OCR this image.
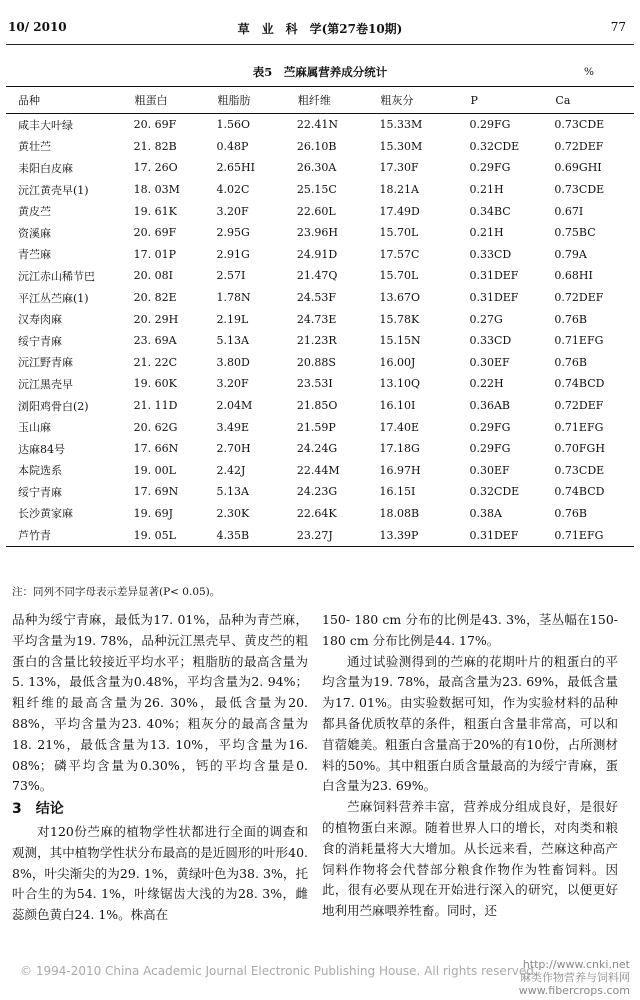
10/ 2010	草　业　科　学(第27卷10期)	77
表5　苎麻属营养成分统计	%
品种	粗蛋白	粗脂肪	粗纤维	粗灰分	P	Ca
咸丰大叶绿	20. 69F	1.56O	22.41N	15.33M	0.29FG	0.73CDE
黄壮苎	21. 82B	0.48P	26.10B	15.30M	0.32CDE	0.72DEF
耒阳白皮麻	17. 26O	2.65HI	26.30A	17.30F	0.29FG	0.69GHI
沅江黄壳早(1)	18. 03M	4.02C	25.15C	18.21A	0.21H	0.73CDE
黄皮苎	19. 61K	3.20F	22.60L	17.49D	0.34BC	0.67I
资溪麻	20. 69F	2.95G	23.96H	15.70L	0.21H	0.75BC
青苎麻	17. 01P	2.91G	24.91D	17.57C	0.33CD	0.79A
沅江赤山稀节巴	20. 08I	2.57I	21.47Q	15.70L	0.31DEF	0.68HI
平江丛苎麻(1)	20. 82E	1.78N	24.53F	13.67O	0.31DEF	0.72DEF
汉寿肉麻	20. 29H	2.19L	24.73E	15.78K	0.27G	0.76B
绥宁青麻	23. 69A	5.13A	21.23R	15.15N	0.33CD	0.71EFG
沅江野青麻	21. 22C	3.80D	20.88S	16.00J	0.30EF	0.76B
沅江黑壳早	19. 60K	3.20F	23.53I	13.10Q	0.22H	0.74BCD
浏阳鸡骨白(2)	21. 11D	2.04M	21.85O	16.10I	0.36AB	0.72DEF
玉山麻	20. 62G	3.49E	21.59P	17.40E	0.29FG	0.71EFG
达麻84号	17. 66N	2.70H	24.24G	17.18G	0.29FG	0.70FGH
本院选系	19. 00L	2.42J	22.44M	16.97H	0.30EF	0.73CDE
绥宁青麻	17. 69N	5.13A	24.23G	16.15I	0.32CDE	0.74BCD
长沙黄家麻	19. 69J	2.30K	22.64K	18.08B	0.38A	0.76B
芦竹青	19. 05L	4.35B	23.27J	13.39P	0.31DEF	0.71EFG
注：同列不同字母表示差异显著(P< 0.05)。

品种为绥宁青麻，最低为17. 01%，品种为青苎麻，平均含量为19. 78%，品种沅江黑壳早、黄皮苎的粗蛋白的含量比较接近平均水平；粗脂肪的最高含量为5. 13%，最低含量为0.48%，平均含量为2. 94%；粗纤维的最高含量为26. 30%，最低含量为20. 88%，平均含量为23. 40%；粗灰分的最高含量为18. 21%，最低含量为13. 10%，平均含量为16. 08%；磷平均含量为0.30%，钙的平均含量是0. 73%。

3　结论

对120份苎麻的植物学性状都进行全面的调查和观测，其中植物学性状分布最高的是近圆形的叶形40. 8%，叶尖渐尖的为29. 1%，黄绿叶色为38. 3%，托叶合生的为54. 1%，叶缘锯齿大浅的为28. 3%，雌蕊颜色黄白24. 1%。株高在

150- 180 cm 分布的比例是43. 3%，茎丛幅在150- 180 cm 分布比例是44. 17%。

通过试验测得到的苎麻的花期叶片的粗蛋白的平均含量为19. 78%，最高含量为23. 69%，最低含量为17. 01%。由实验数据可知，作为实验材料的品种都具备优质牧草的条件，粗蛋白含量非常高，可以和苜蓿媲美。粗蛋白含量高于20%的有10份，占所测材料的50%。其中粗蛋白质含量最高的为绥宁青麻，蛋白含量为23. 69%。

苎麻饲料营养丰富，营养成分组成良好，是很好的植物蛋白来源。随着世界人口的增长，对肉类和粮食的消耗量将大大增加。从长远来看，苎麻这种高产饲料作物将会代替部分粮食作物作为牲畜饲料。因此，很有必要从现在开始进行深入的研究，以便更好地利用苎麻喂养牲畜。同时，还

© 1994-2010 China Academic Journal Electronic Publishing House. All rights reserved.
http://www.cnki.net
麻类作物营养与饲料网
www.fibercrops.com
